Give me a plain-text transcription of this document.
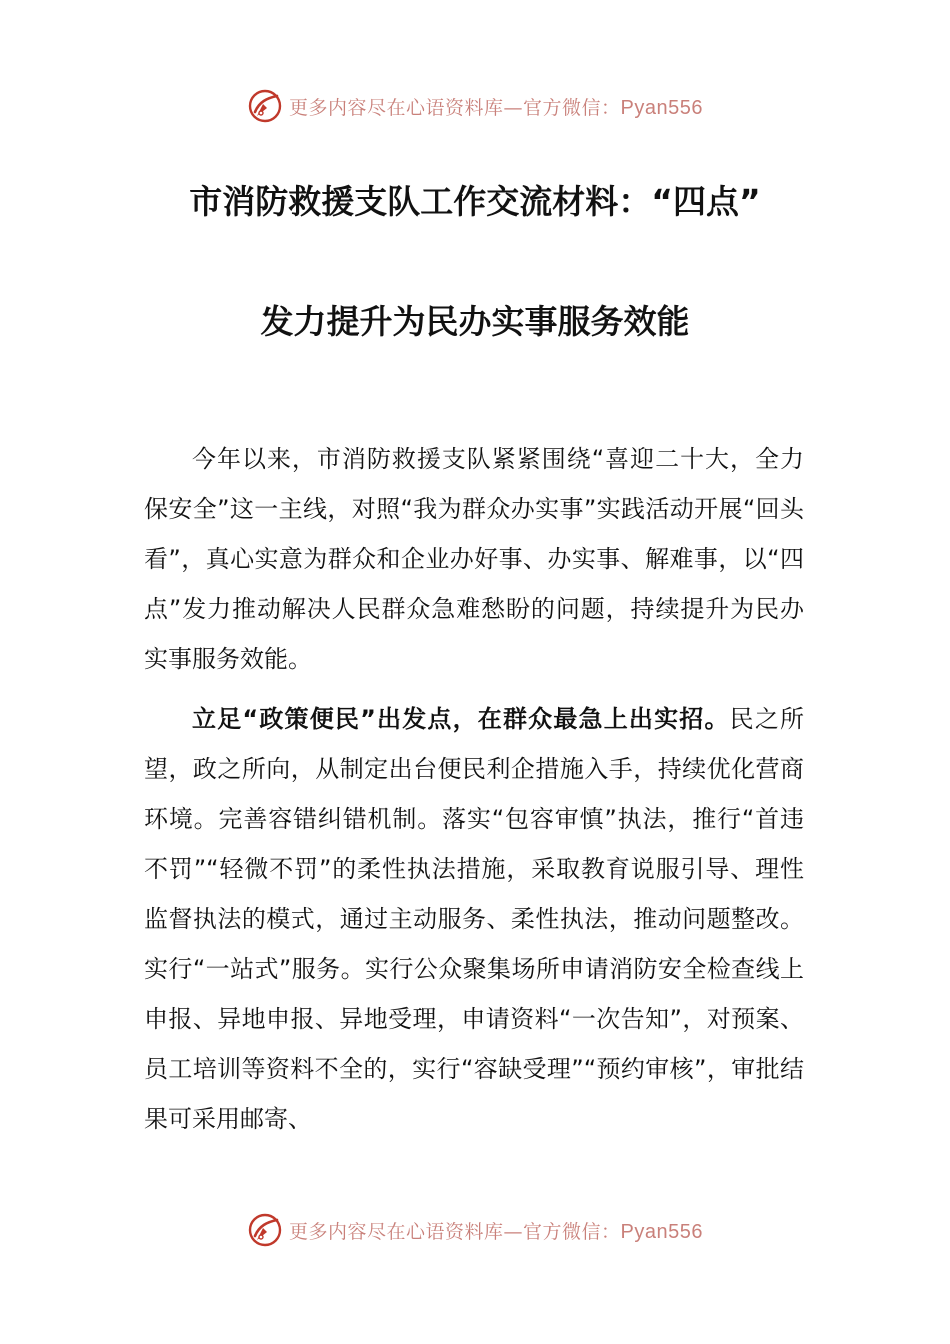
更多内容尽在心语资料库—官方微信：Pyan556
市消防救援支队工作交流材料：“四点”
发力提升为民办实事服务效能

今年以来，市消防救援支队紧紧围绕“喜迎二十大，全力保安全”这一主线，对照“我为群众办实事”实践活动开展“回头看”，真心实意为群众和企业办好事、办实事、解难事，以“四点”发力推动解决人民群众急难愁盼的问题，持续提升为民办实事服务效能。

立足“政策便民”出发点，在群众最急上出实招。民之所望，政之所向，从制定出台便民利企措施入手，持续优化营商环境。完善容错纠错机制。落实“包容审慎”执法，推行“首违不罚”“轻微不罚”的柔性执法措施，采取教育说服引导、理性监督执法的模式，通过主动服务、柔性执法，推动问题整改。实行“一站式”服务。实行公众聚集场所申请消防安全检查线上申报、异地申报、异地受理，申请资料“一次告知”，对预案、员工培训等资料不全的，实行“容缺受理”“预约审核”，审批结果可采用邮寄、

更多内容尽在心语资料库—官方微信：Pyan556
